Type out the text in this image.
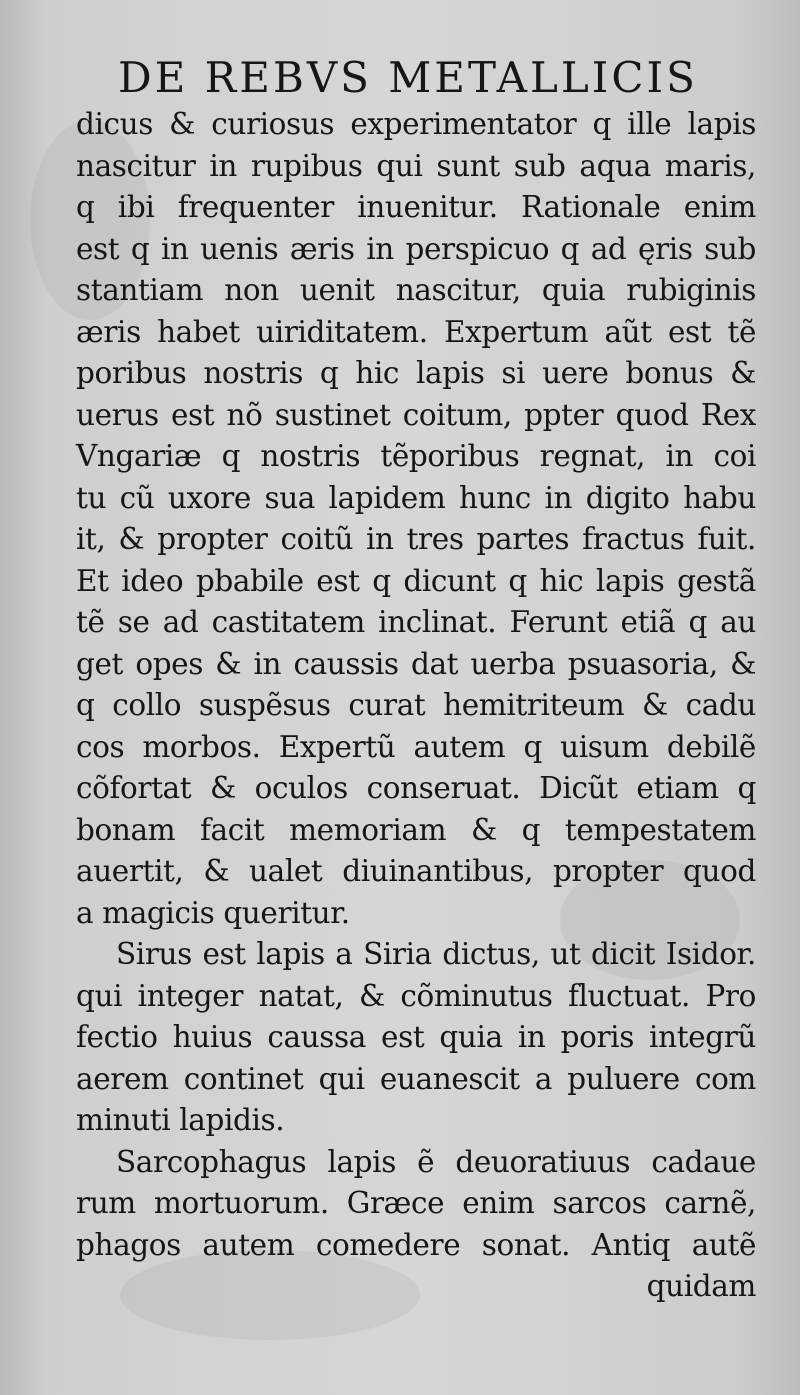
DE REBVS METALLICIS
dicus & curiosus experimentator q ille lapis
nascitur in rupibus qui sunt sub aqua maris,
q ibi frequenter inuenitur. Rationale enim
est q in uenis æris in perspicuo q ad ęris sub
stantiam non uenit nascitur, quia rubiginis
æris habet uiriditatem. Expertum aũt est tẽ
poribus nostris q hic lapis si uere bonus &
uerus est nõ sustinet coitum, ppter quod Rex
Vngariæ q nostris tẽporibus regnat, in coi
tu cũ uxore sua lapidem hunc in digito habu
it, & propter coitũ in tres partes fractus fuit.
Et ideo pbabile est q dicunt q hic lapis gestã
tẽ se ad castitatem inclinat. Ferunt etiã q au
get opes & in caussis dat uerba psuasoria, &
q collo suspẽsus curat hemitriteum & cadu
cos morbos. Expertũ autem q uisum debilẽ
cõfortat & oculos conseruat. Dicũt etiam q
bonam facit memoriam & q tempestatem
auertit, & ualet diuinantibus, propter quod
a magicis queritur.
Sirus est lapis a Siria dictus, ut dicit Isidor.
qui integer natat, & cõminutus fluctuat. Pro
fectio huius caussa est quia in poris integrũ
aerem continet qui euanescit a puluere com
minuti lapidis.
Sarcophagus lapis ẽ deuoratiuus cadaue
rum mortuorum. Græce enim sarcos carnẽ,
phagos autem comedere sonat. Antiq autẽ
quidam
